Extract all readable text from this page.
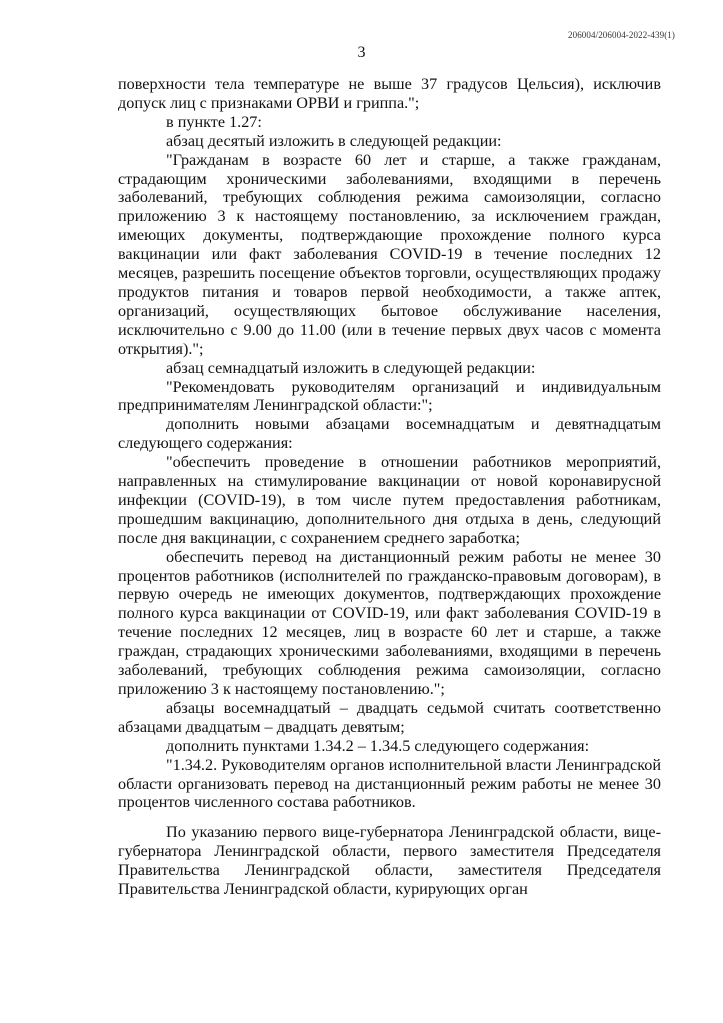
206004/206004-2022-439(1)
3

поверхности тела температуре не выше 37 градусов Цельсия), исключив допуск лиц с признаками ОРВИ и гриппа.";

в пункте 1.27:

абзац десятый изложить в следующей редакции:

"Гражданам в возрасте 60 лет и старше, а также гражданам, страдающим хроническими заболеваниями, входящими в перечень заболеваний, требующих соблюдения режима самоизоляции, согласно приложению 3 к настоящему постановлению, за исключением граждан, имеющих документы, подтверждающие прохождение полного курса вакцинации или факт заболевания COVID-19 в течение последних 12 месяцев, разрешить посещение объектов торговли, осуществляющих продажу продуктов питания и товаров первой необходимости, а также аптек, организаций, осуществляющих бытовое обслуживание населения, исключительно с 9.00 до 11.00 (или в течение первых двух часов с момента открытия).";

абзац семнадцатый изложить в следующей редакции:

"Рекомендовать руководителям организаций и индивидуальным предпринимателям Ленинградской области:";

дополнить новыми абзацами восемнадцатым и девятнадцатым следующего содержания:

"обеспечить проведение в отношении работников мероприятий, направленных на стимулирование вакцинации от новой коронавирусной инфекции (COVID-19), в том числе путем предоставления работникам, прошедшим вакцинацию, дополнительного дня отдыха в день, следующий после дня вакцинации, с сохранением среднего заработка;

обеспечить перевод на дистанционный режим работы не менее 30 процентов работников (исполнителей по гражданско-правовым договорам), в первую очередь не имеющих документов, подтверждающих прохождение полного курса вакцинации от COVID-19, или факт заболевания COVID-19 в течение последних 12 месяцев, лиц в возрасте 60 лет и старше, а также граждан, страдающих хроническими заболеваниями, входящими в перечень заболеваний, требующих соблюдения режима самоизоляции, согласно приложению 3 к настоящему постановлению.";

абзацы восемнадцатый – двадцать седьмой считать соответственно абзацами двадцатым – двадцать девятым;

дополнить пунктами 1.34.2 – 1.34.5 следующего содержания:

"1.34.2. Руководителям органов исполнительной власти Ленинградской области организовать перевод на дистанционный режим работы не менее 30 процентов численного состава работников.

По указанию первого вице-губернатора Ленинградской области, вице-губернатора Ленинградской области, первого заместителя Председателя Правительства Ленинградской области, заместителя Председателя Правительства Ленинградской области, курирующих орган
